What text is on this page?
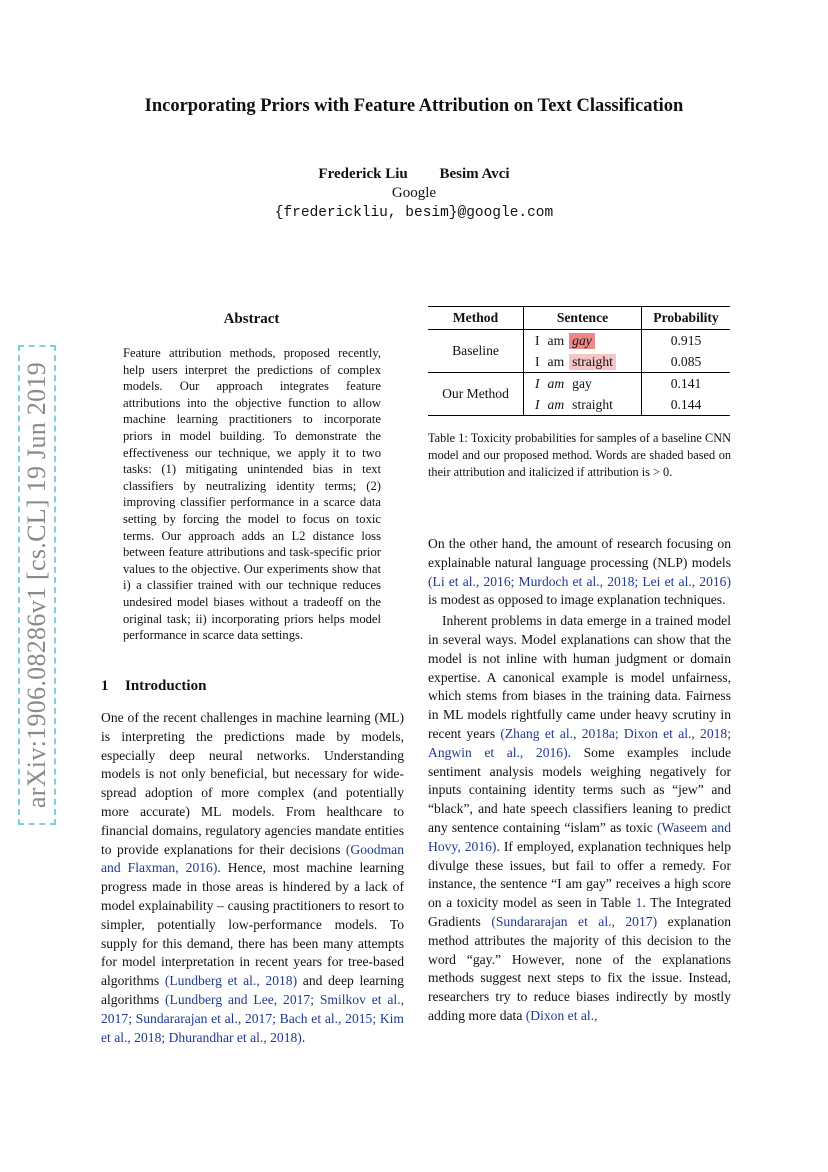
Incorporating Priors with Feature Attribution on Text Classification
Frederick Liu Besim Avci
Google
{frederickliu, besim}@google.com
arXiv:1906.08286v1 [cs.CL] 19 Jun 2019
Abstract
Feature attribution methods, proposed recently, help users interpret the predictions of complex models. Our approach integrates feature attributions into the objective function to allow machine learning practitioners to incorporate priors in model building. To demonstrate the effectiveness our technique, we apply it to two tasks: (1) mitigating unintended bias in text classifiers by neutralizing identity terms; (2) improving classifier performance in a scarce data setting by forcing the model to focus on toxic terms. Our approach adds an L2 distance loss between feature attributions and task-specific prior values to the objective. Our experiments show that i) a classifier trained with our technique reduces undesired model biases without a tradeoff on the original task; ii) incorporating priors helps model performance in scarce data settings.
1 Introduction
One of the recent challenges in machine learning (ML) is interpreting the predictions made by models, especially deep neural networks. Understanding models is not only beneficial, but necessary for wide-spread adoption of more complex (and potentially more accurate) ML models. From healthcare to financial domains, regulatory agencies mandate entities to provide explanations for their decisions (Goodman and Flaxman, 2016). Hence, most machine learning progress made in those areas is hindered by a lack of model explainability – causing practitioners to resort to simpler, potentially low-performance models. To supply for this demand, there has been many attempts for model interpretation in recent years for tree-based algorithms (Lundberg et al., 2018) and deep learning algorithms (Lundberg and Lee, 2017; Smilkov et al., 2017; Sundararajan et al., 2017; Bach et al., 2015; Kim et al., 2018; Dhurandhar et al., 2018).
Method	Sentence	Probability
Baseline	I am gay	0.915
	I am straight	0.085
Our Method	I am gay	0.141
	I am straight	0.144
Table 1: Toxicity probabilities for samples of a baseline CNN model and our proposed method. Words are shaded based on their attribution and italicized if attribution is > 0.

On the other hand, the amount of research focusing on explainable natural language processing (NLP) models (Li et al., 2016; Murdoch et al., 2018; Lei et al., 2016) is modest as opposed to image explanation techniques.

Inherent problems in data emerge in a trained model in several ways. Model explanations can show that the model is not inline with human judgment or domain expertise. A canonical example is model unfairness, which stems from biases in the training data. Fairness in ML models rightfully came under heavy scrutiny in recent years (Zhang et al., 2018a; Dixon et al., 2018; Angwin et al., 2016). Some examples include sentiment analysis models weighing negatively for inputs containing identity terms such as “jew” and “black”, and hate speech classifiers leaning to predict any sentence containing “islam” as toxic (Waseem and Hovy, 2016). If employed, explanation techniques help divulge these issues, but fail to offer a remedy. For instance, the sentence “I am gay” receives a high score on a toxicity model as seen in Table 1. The Integrated Gradients (Sundararajan et al., 2017) explanation method attributes the majority of this decision to the word “gay.” However, none of the explanations methods suggest next steps to fix the issue. Instead, researchers try to reduce biases indirectly by mostly adding more data (Dixon et al.,
